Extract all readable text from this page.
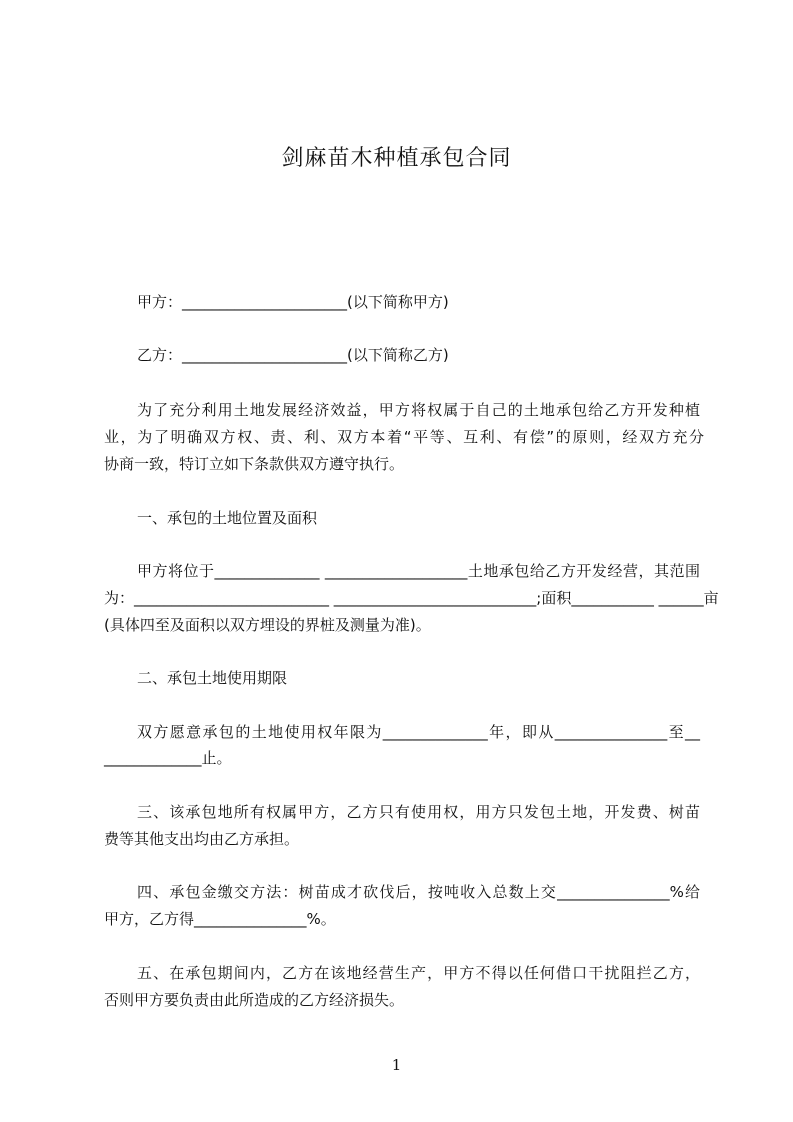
剑麻苗木种植承包合同
甲方：______________________(以下简称甲方)
乙方：______________________(以下简称乙方)
为了充分利用土地发展经济效益，甲方将权属于自己的土地承包给乙方开发种植
业，为了明确双方权、责、利、双方本着“平等、互利、有偿”的原则，经双方充分
协商一致，特订立如下条款供双方遵守执行。
一、承包的土地位置及面积
甲方将位于______________ ___________________土地承包给乙方开发经营，其范围
为：__________________________ ___________________________;面积___________ ______亩
(具体四至及面积以双方埋设的界桩及测量为准)。
二、承包土地使用期限
双方愿意承包的土地使用权年限为______________年，即从_______________至__
_____________止。
三、该承包地所有权属甲方，乙方只有使用权，用方只发包土地，开发费、树苗
费等其他支出均由乙方承担。
四、承包金缴交方法：树苗成才砍伐后，按吨收入总数上交_______________%给
甲方，乙方得_______________%。
五、在承包期间内，乙方在该地经营生产，甲方不得以任何借口干扰阻拦乙方，
否则甲方要负责由此所造成的乙方经济损失。
1
